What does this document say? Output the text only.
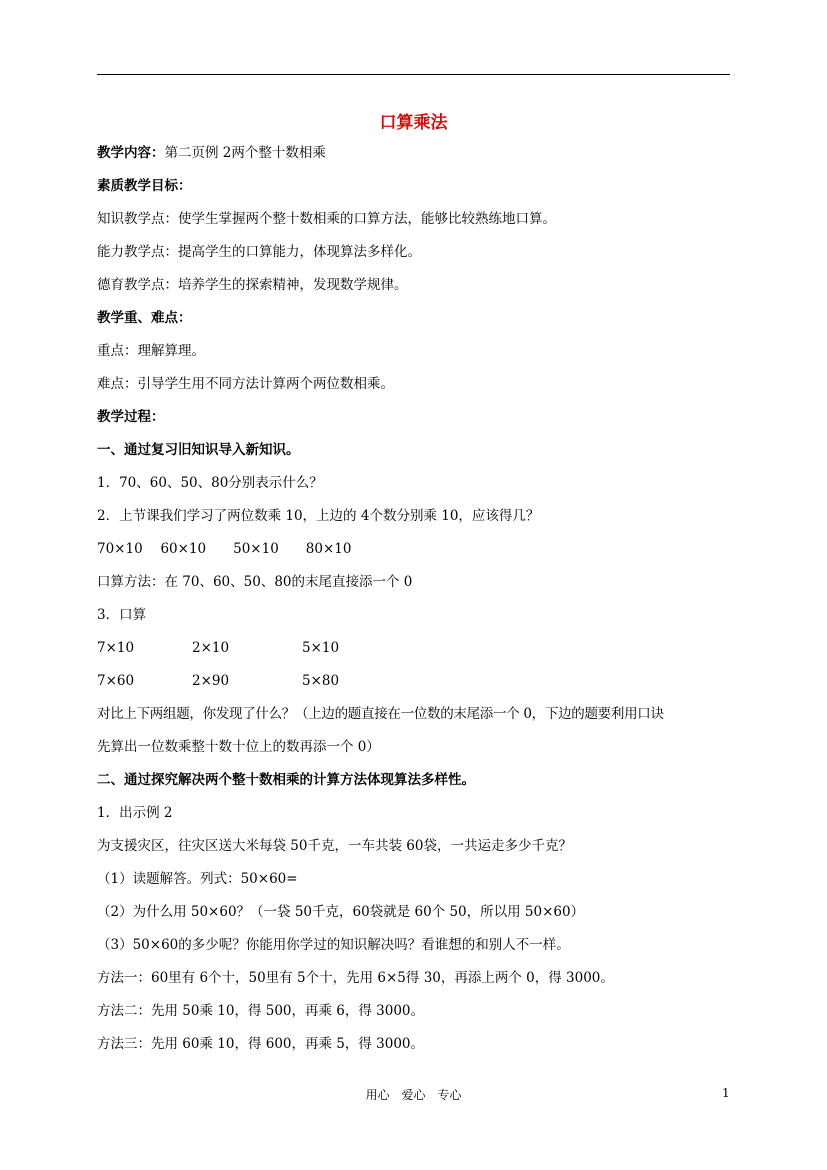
口算乘法
教学内容：第二页例 2两个整十数相乘
素质教学目标：
知识教学点：使学生掌握两个整十数相乘的口算方法，能够比较熟练地口算。
能力教学点：提高学生的口算能力，体现算法多样化。
德育教学点：培养学生的探索精神，发现数学规律。
教学重、难点：
重点：理解算理。
难点：引导学生用不同方法计算两个两位数相乘。
教学过程：
一、通过复习旧知识导入新知识。
1．70、60、50、80分别表示什么？
2．上节课我们学习了两位数乘 10，上边的 4个数分别乘 10，应该得几？
70×10　 60×10　　50×10　　80×10
口算方法：在 70、60、50、80的末尾直接添一个 0
3．口算
7×10	2×10	5×10
7×60	2×90	5×80
对比上下两组题，你发现了什么？（上边的题直接在一位数的末尾添一个 0，下边的题要利用口诀
先算出一位数乘整十数十位上的数再添一个 0）
二、通过探究解决两个整十数相乘的计算方法体现算法多样性。
1．出示例 2
为支援灾区，往灾区送大米每袋 50千克，一车共装 60袋，一共运走多少千克？
（1）读题解答。列式：50×60=
（2）为什么用 50×60？（一袋 50千克，60袋就是 60个 50，所以用 50×60）
（3）50×60的多少呢？你能用你学过的知识解决吗？看谁想的和别人不一样。
方法一：60里有 6个十，50里有 5个十，先用 6×5得 30，再添上两个 0，得 3000。
方法二：先用 50乘 10，得 500，再乘 6，得 3000。
方法三：先用 60乘 10，得 600，再乘 5，得 3000。
用心 爱心 专心	1
